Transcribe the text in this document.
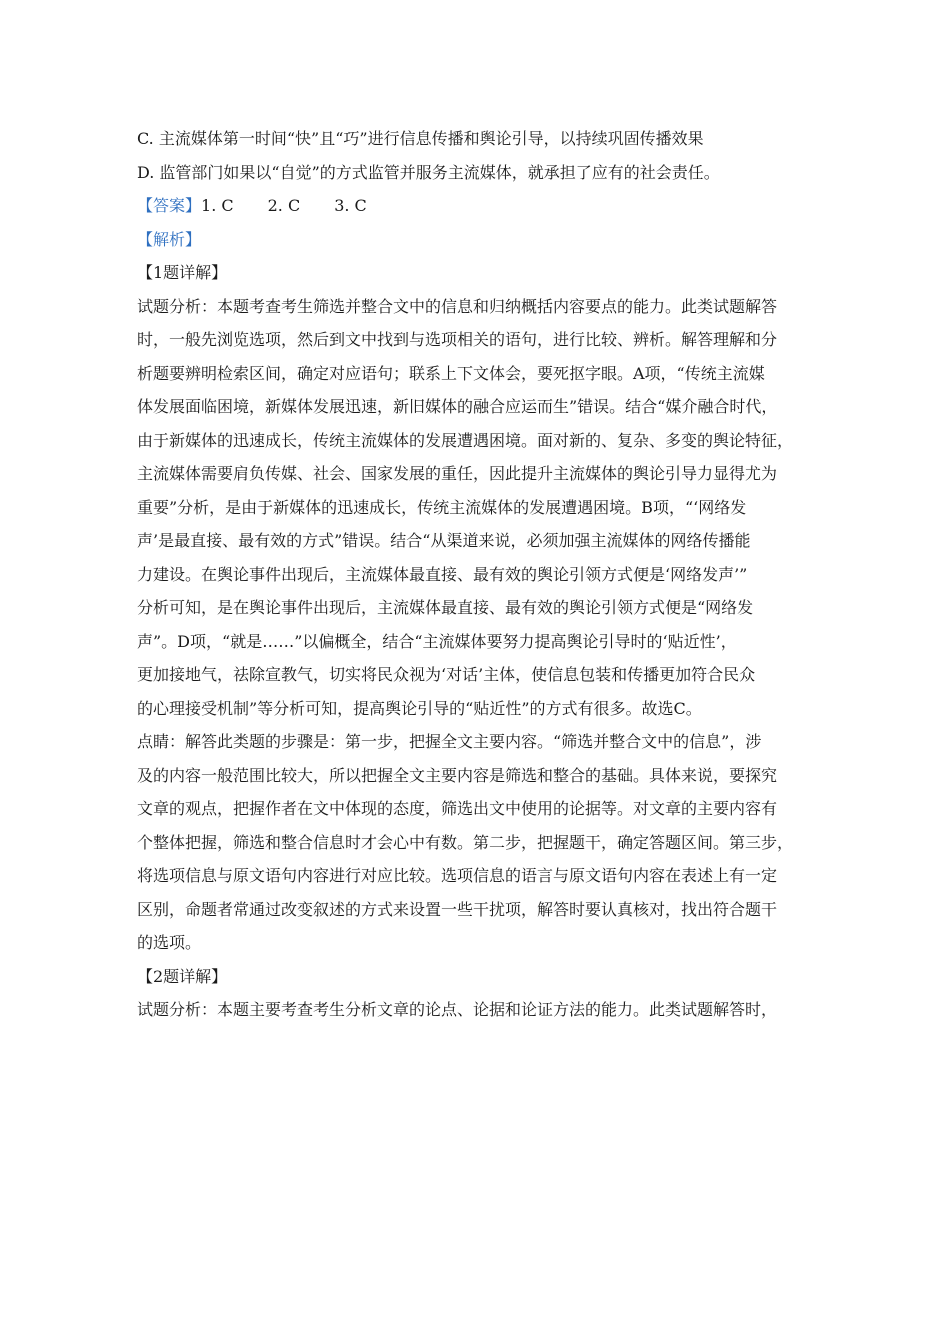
C. 主流媒体第一时间“快”且“巧”进行信息传播和舆论引导，以持续巩固传播效果
D. 监管部门如果以“自觉”的方式监管并服务主流媒体，就承担了应有的社会责任。
【答案】1. C 2. C 3. C
【解析】
【1题详解】
试题分析：本题考查考生筛选并整合文中的信息和归纳概括内容要点的能力。此类试题解答
时，一般先浏览选项，然后到文中找到与选项相关的语句，进行比较、辨析。解答理解和分
析题要辨明检索区间，确定对应语句；联系上下文体会，要死抠字眼。A项，“传统主流媒
体发展面临困境，新媒体发展迅速，新旧媒体的融合应运而生”错误。结合“媒介融合时代，
由于新媒体的迅速成长，传统主流媒体的发展遭遇困境。面对新的、复杂、多变的舆论特征，
主流媒体需要肩负传媒、社会、国家发展的重任，因此提升主流媒体的舆论引导力显得尤为
重要”分析，是由于新媒体的迅速成长，传统主流媒体的发展遭遇困境。B项，“‘网络发
声’是最直接、最有效的方式”错误。结合“从渠道来说，必须加强主流媒体的网络传播能
力建设。在舆论事件出现后，主流媒体最直接、最有效的舆论引领方式便是‘网络发声’”
分析可知，是在舆论事件出现后，主流媒体最直接、最有效的舆论引领方式便是“网络发
声”。D项，“就是……”以偏概全，结合“主流媒体要努力提高舆论引导时的‘贴近性’，
更加接地气，祛除宣教气，切实将民众视为‘对话’主体，使信息包装和传播更加符合民众
的心理接受机制”等分析可知，提高舆论引导的“贴近性”的方式有很多。故选C。
点睛：解答此类题的步骤是：第一步，把握全文主要内容。“筛选并整合文中的信息”，涉
及的内容一般范围比较大，所以把握全文主要内容是筛选和整合的基础。具体来说，要探究
文章的观点，把握作者在文中体现的态度，筛选出文中使用的论据等。对文章的主要内容有
个整体把握，筛选和整合信息时才会心中有数。第二步，把握题干，确定答题区间。第三步，
将选项信息与原文语句内容进行对应比较。选项信息的语言与原文语句内容在表述上有一定
区别，命题者常通过改变叙述的方式来设置一些干扰项，解答时要认真核对，找出符合题干
的选项。
【2题详解】
试题分析：本题主要考查考生分析文章的论点、论据和论证方法的能力。此类试题解答时，
